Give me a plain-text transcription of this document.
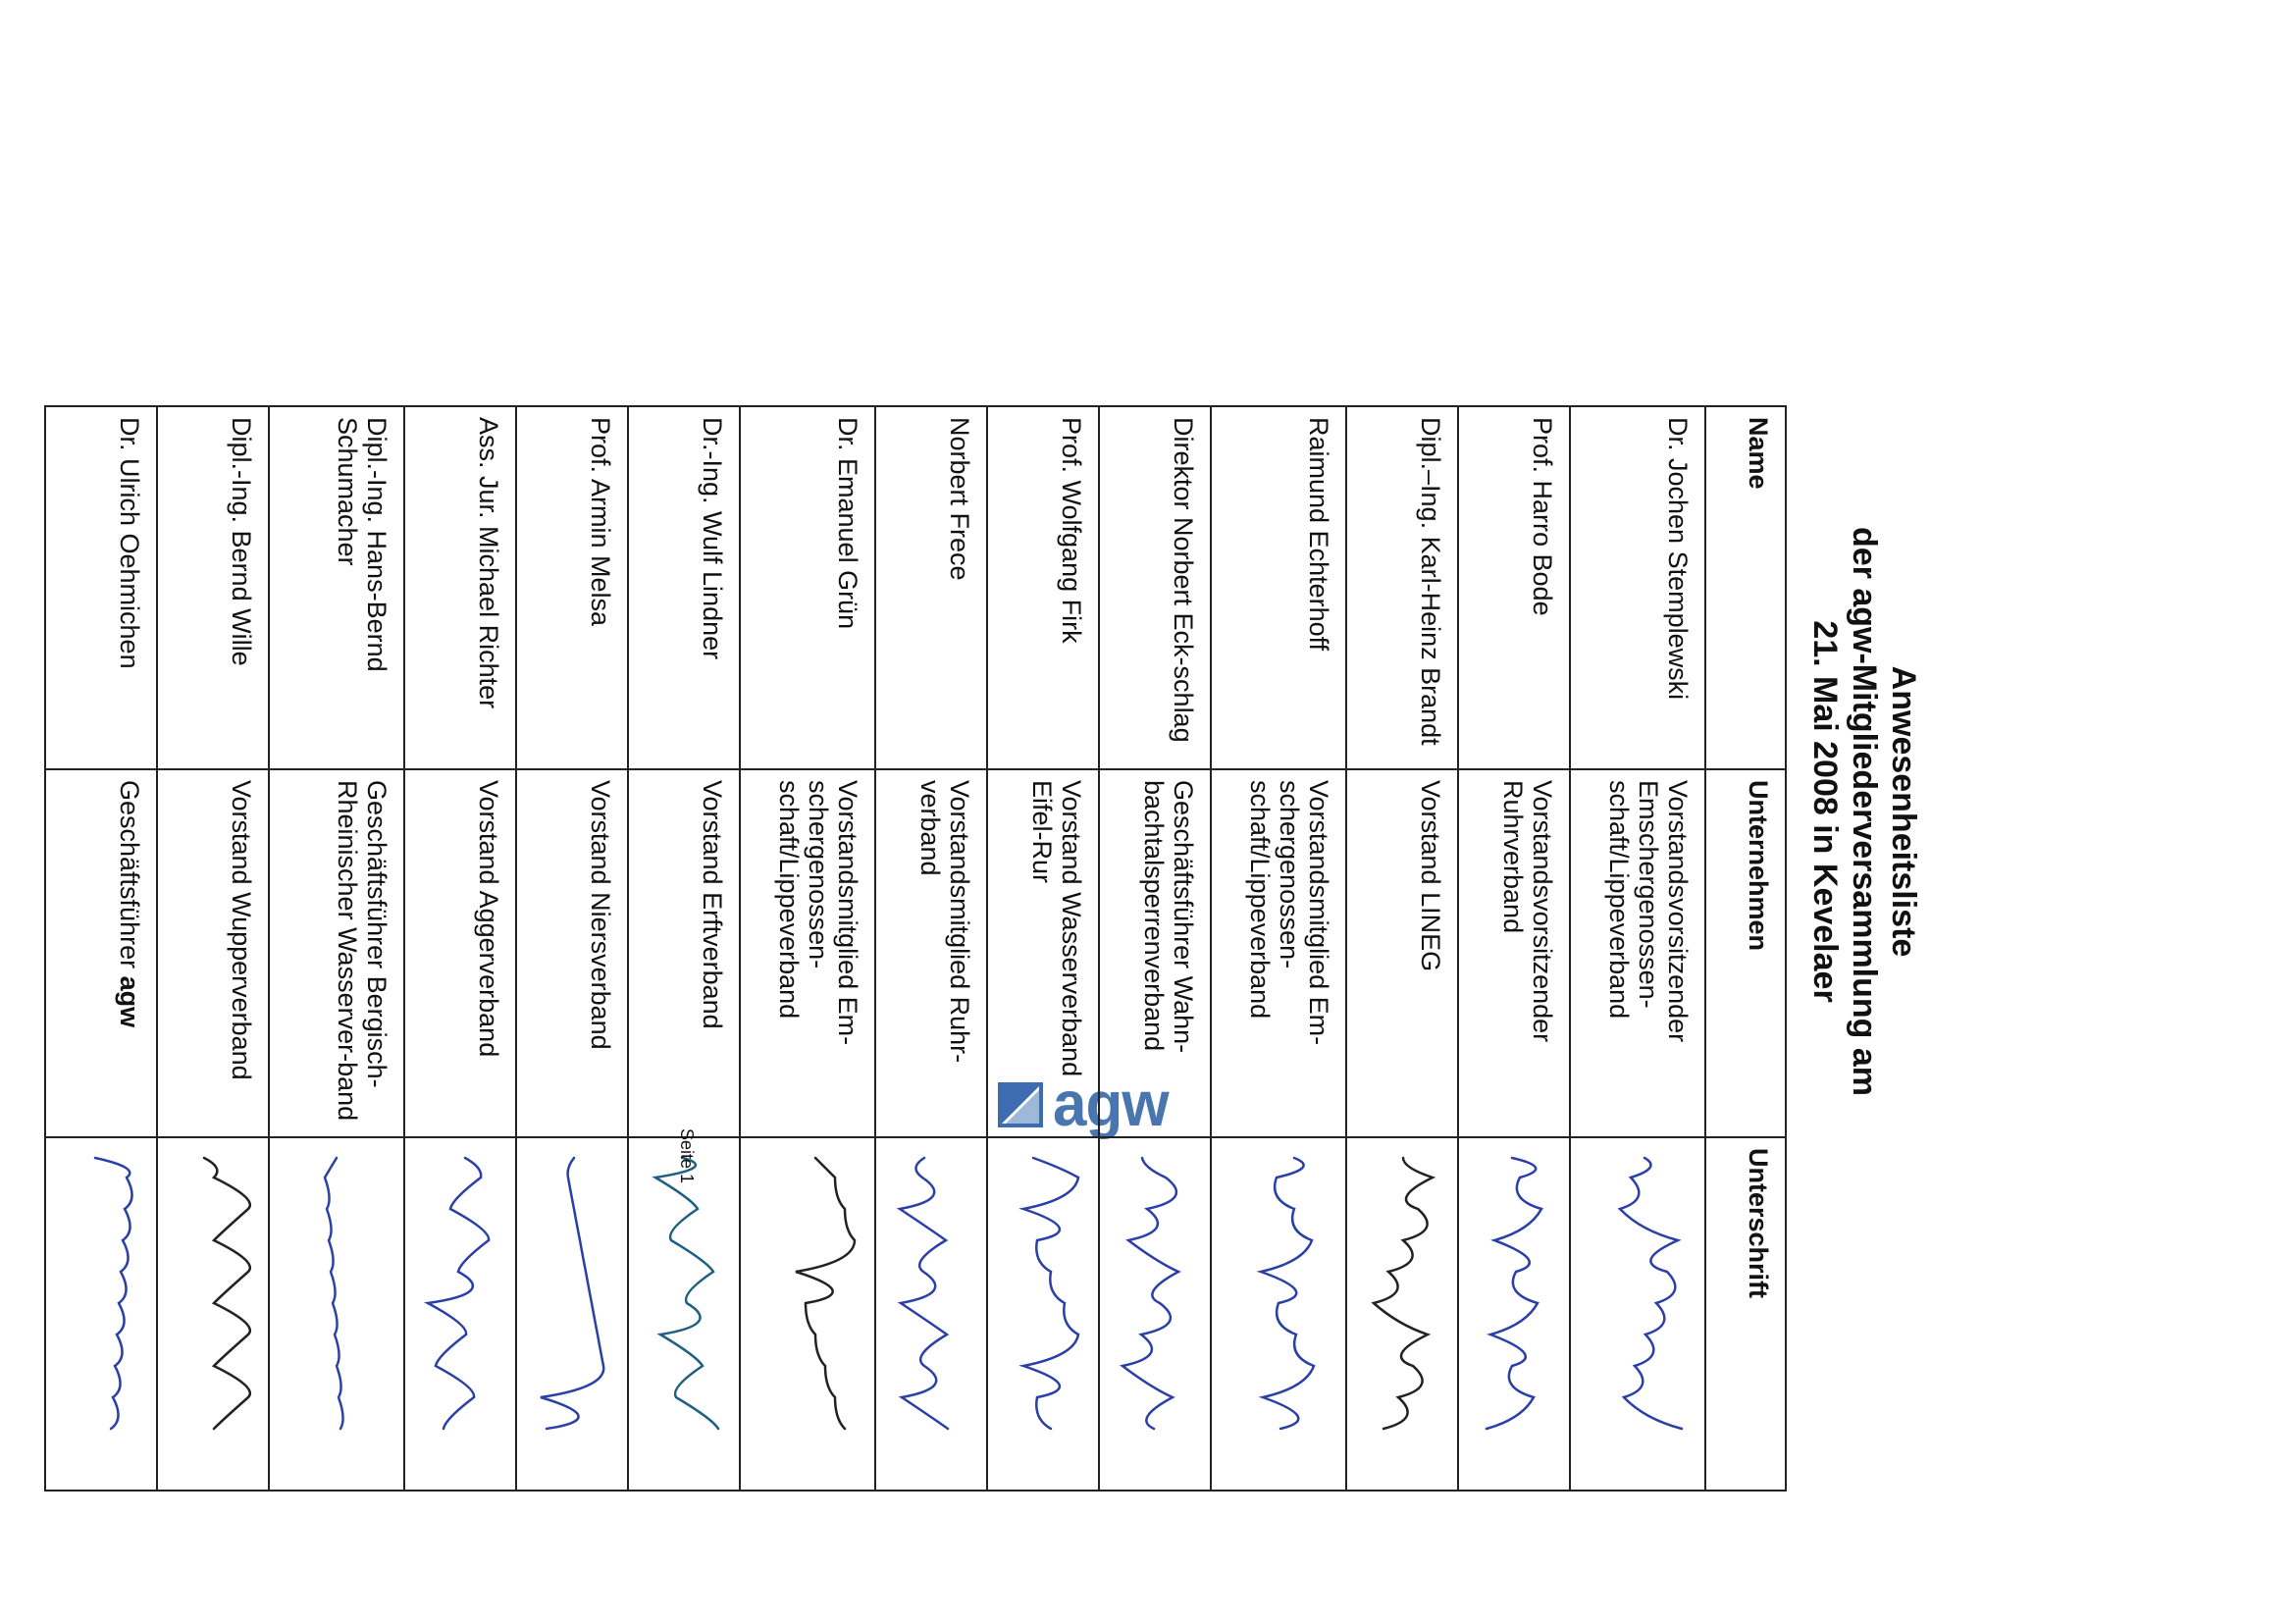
Anwesenheitsliste
der agw-Mitgliederversammlung am
21. Mai 2008 in Kevelaer
agw
Name	Unternehmen	Unterschrift
Dr. Jochen Stemplewski	Vorstandsvorsitzender Emschergenossen-schaft/Lippeverband	

Prof. Harro Bode	Vorstandsvorsitzender Ruhrverband	

Dipl.–Ing. Karl-Heinz Brandt	Vorstand LINEG	

Raimund Echterhoff	Vorstandsmitglied Em-schergenossen-schaft/Lippeverband	

Direktor Norbert Eck-schlag	Geschäftsführer Wahn-bachtalsperrenverband	

Prof. Wolfgang Firk	Vorstand Wasserverband Eifel-Rur	

Norbert Frece	Vorstandsmitglied Ruhr-verband	

Dr. Emanuel Grün	Vorstandsmitglied Em-schergenossen-schaft/Lippeverband	

Dr.-Ing. Wulf Lindner	Vorstand Erftverband	

Prof. Armin Melsa	Vorstand Niersverband	

Ass. Jur. Michael Richter	Vorstand Aggerverband	

Dipl.-Ing. Hans-Bernd Schumacher	Geschäftsführer Bergisch-Rheinischer Wasserver-band	

Dipl.-Ing. Bernd Wille	Vorstand Wupperverband	

Dr. Ulrich Oehmichen	Geschäftsführer agw	
Seite 1
